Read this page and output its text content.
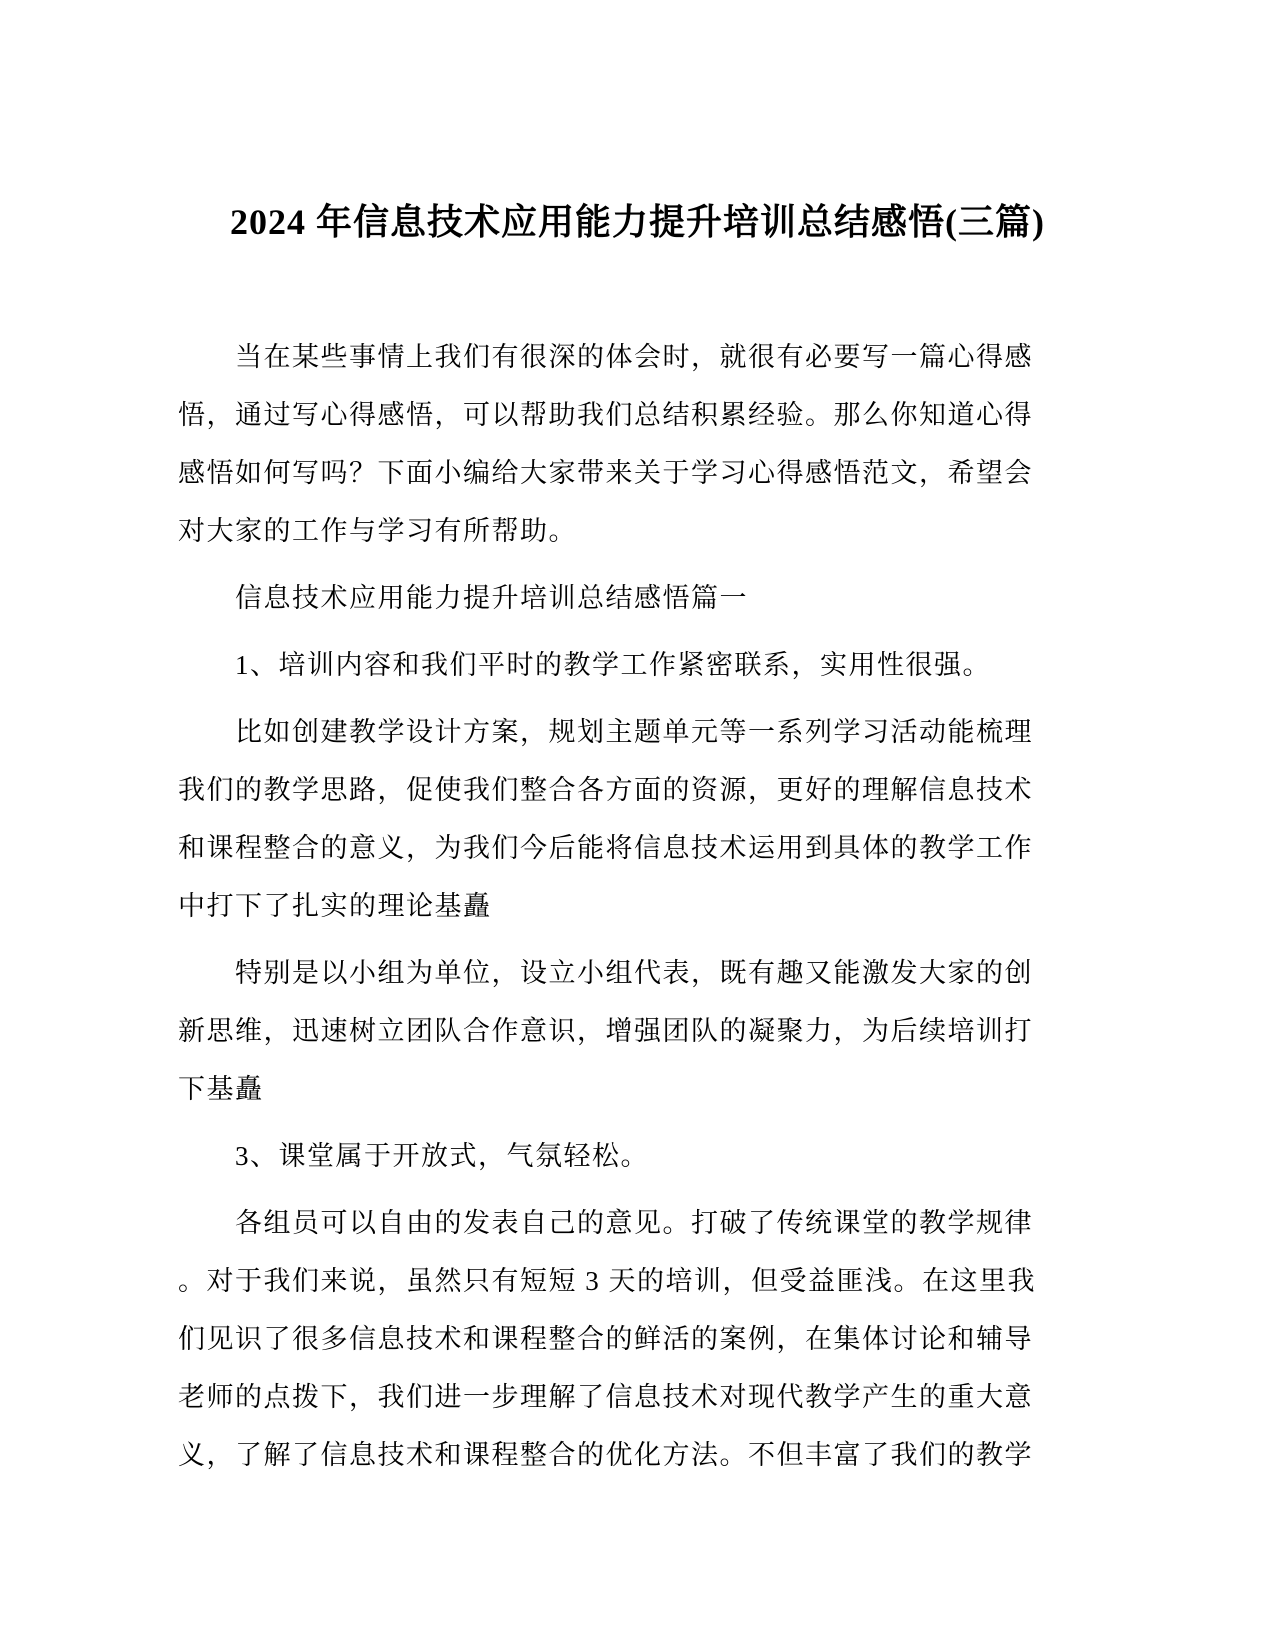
2024 年信息技术应用能力提升培训总结感悟(三篇)
当在某些事情上我们有很深的体会时，就很有必要写一篇心得感
悟，通过写心得感悟，可以帮助我们总结积累经验。那么你知道心得
感悟如何写吗？下面小编给大家带来关于学习心得感悟范文，希望会
对大家的工作与学习有所帮助。
信息技术应用能力提升培训总结感悟篇一
1、培训内容和我们平时的教学工作紧密联系，实用性很强。
比如创建教学设计方案，规划主题单元等一系列学习活动能梳理
我们的教学思路，促使我们整合各方面的资源，更好的理解信息技术
和课程整合的意义，为我们今后能将信息技术运用到具体的教学工作
中打下了扎实的理论基矗
特别是以小组为单位，设立小组代表，既有趣又能激发大家的创
新思维，迅速树立团队合作意识，增强团队的凝聚力，为后续培训打
下基矗
3、课堂属于开放式，气氛轻松。
各组员可以自由的发表自己的意见。打破了传统课堂的教学规律
。对于我们来说，虽然只有短短 3 天的培训，但受益匪浅。在这里我
们见识了很多信息技术和课程整合的鲜活的案例，在集体讨论和辅导
老师的点拨下，我们进一步理解了信息技术对现代教学产生的重大意
义，了解了信息技术和课程整合的优化方法。不但丰富了我们的教学
